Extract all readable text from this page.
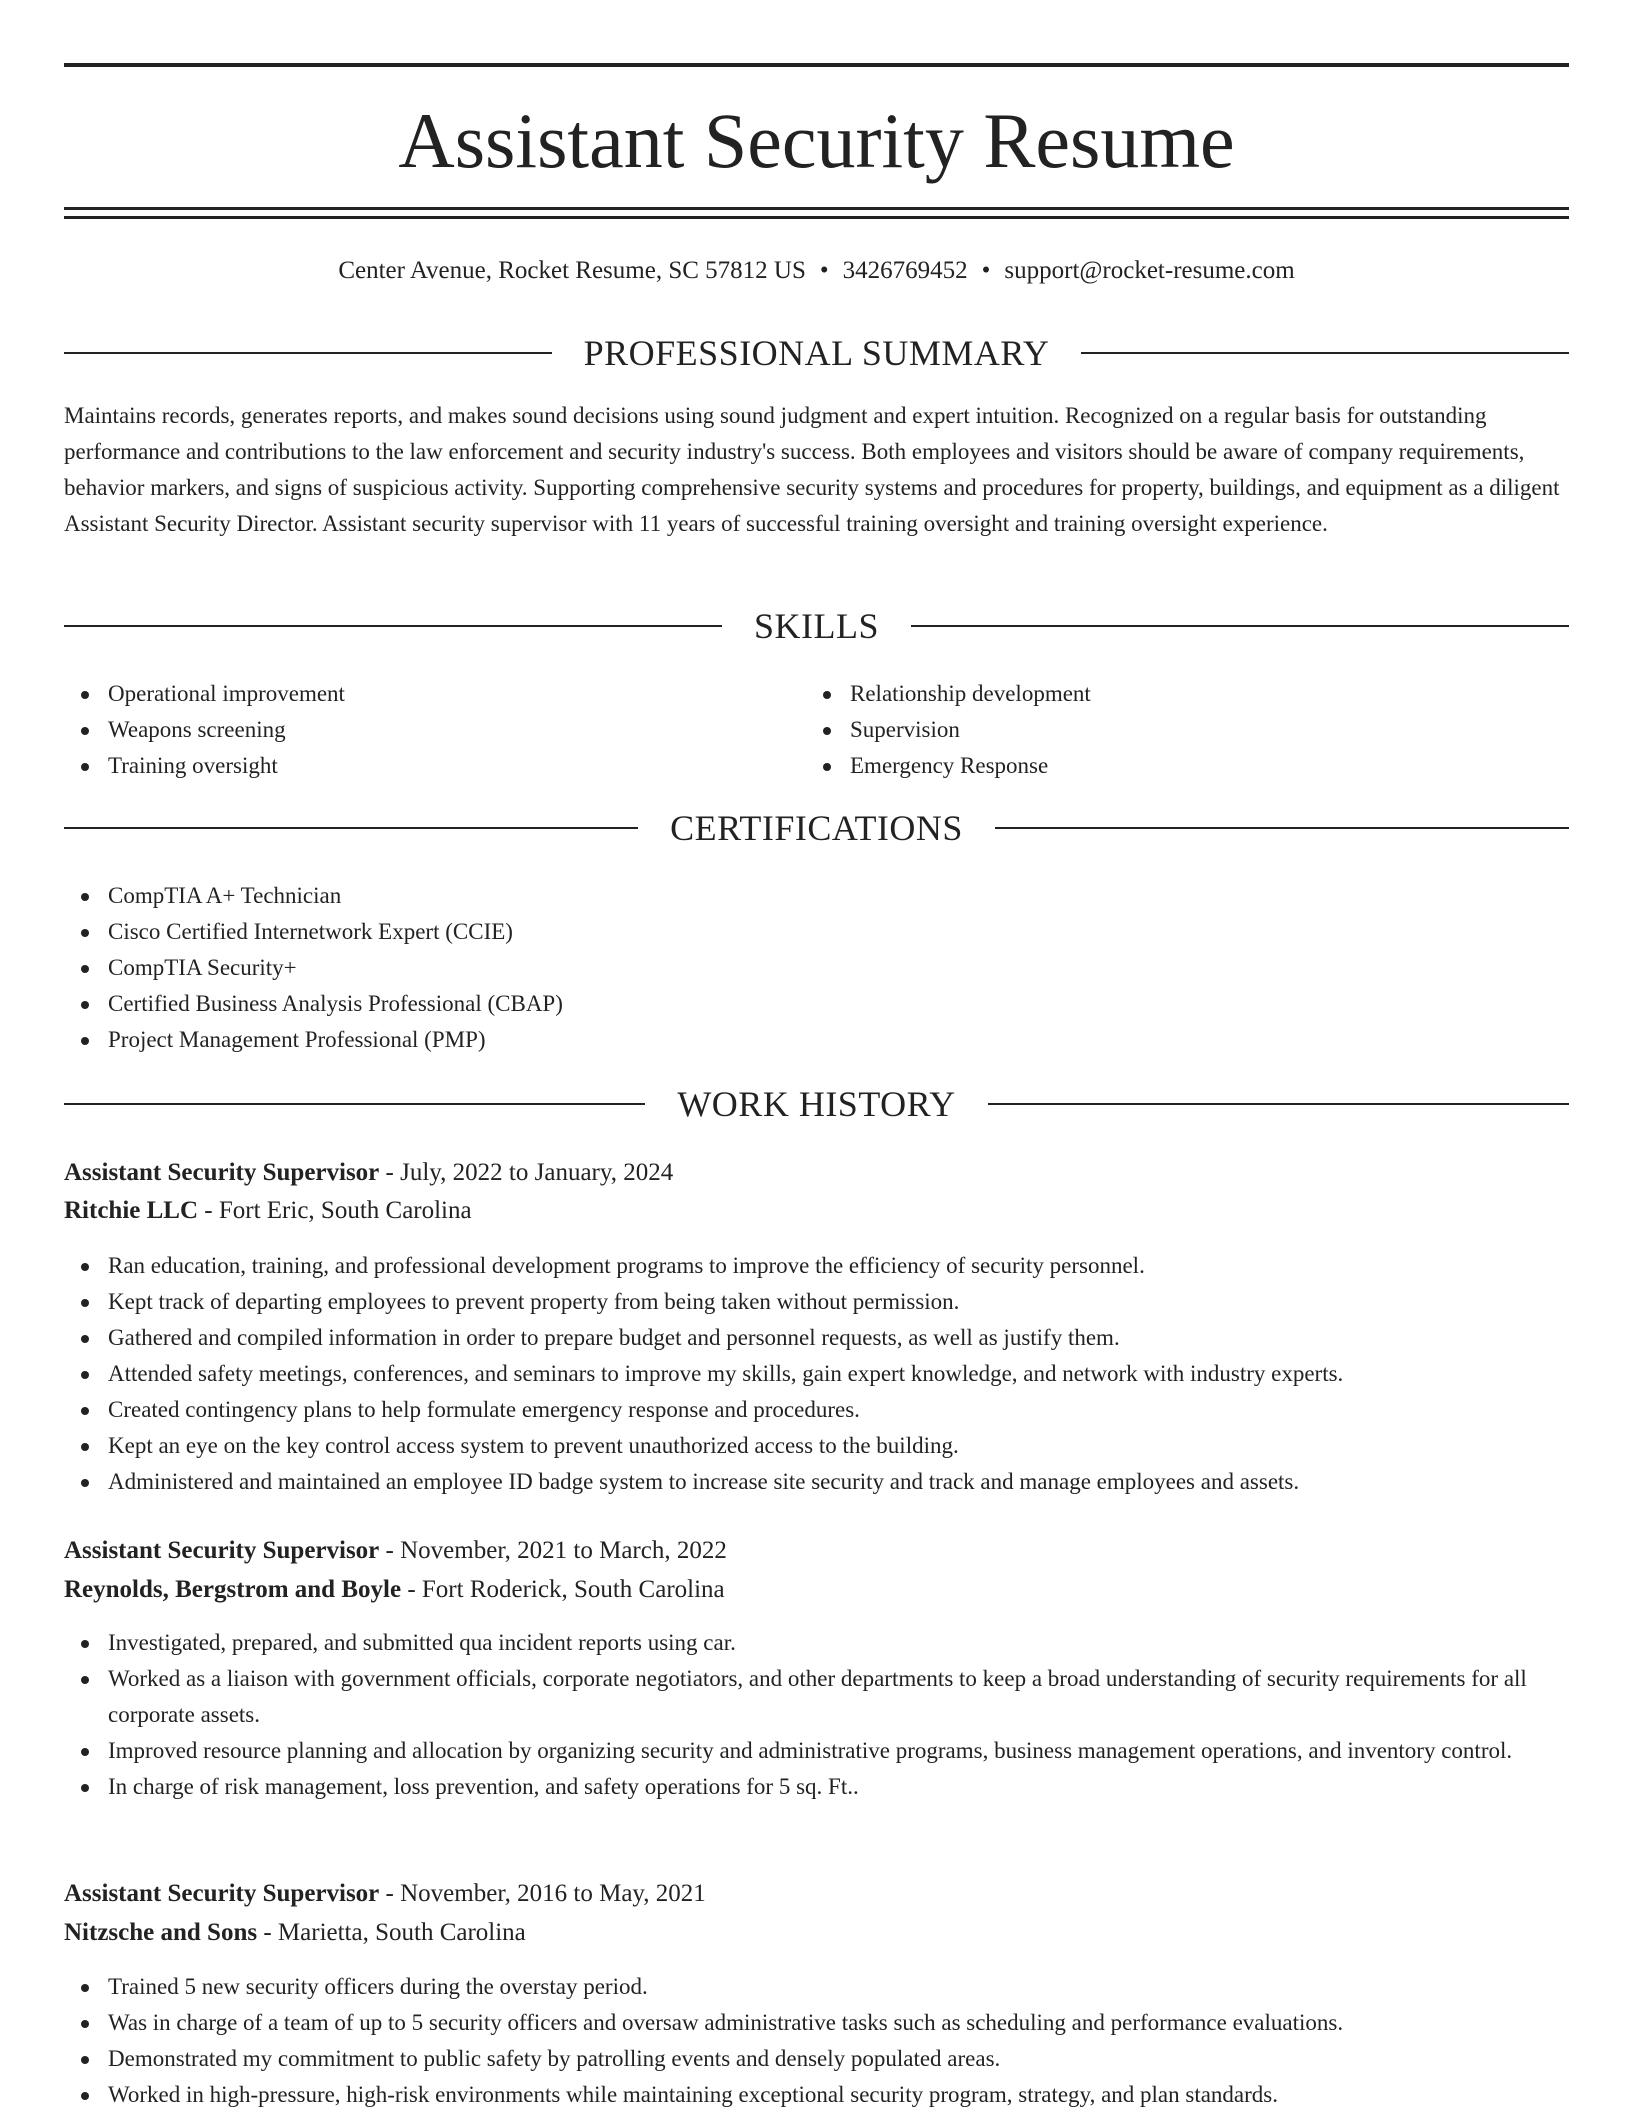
Assistant Security Resume
Center Avenue, Rocket Resume, SC 57812 US • 3426769452 • support@rocket-resume.com
PROFESSIONAL SUMMARY

Maintains records, generates reports, and makes sound decisions using sound judgment and expert intuition. Recognized on a regular basis for outstanding performance and contributions to the law enforcement and security industry's success. Both employees and visitors should be aware of company requirements, behavior markers, and signs of suspicious activity. Supporting comprehensive security systems and procedures for property, buildings, and equipment as a diligent Assistant Security Director. Assistant security supervisor with 11 years of successful training oversight and training oversight experience.

SKILLS
Operational improvement
Weapons screening
Training oversight
Relationship development
Supervision
Emergency Response
CERTIFICATIONS
CompTIA A+ Technician
Cisco Certified Internetwork Expert (CCIE)
CompTIA Security+
Certified Business Analysis Professional (CBAP)
Project Management Professional (PMP)
WORK HISTORY
Assistant Security Supervisor - July, 2022 to January, 2024
Ritchie LLC - Fort Eric, South Carolina
Ran education, training, and professional development programs to improve the efficiency of security personnel.
Kept track of departing employees to prevent property from being taken without permission.
Gathered and compiled information in order to prepare budget and personnel requests, as well as justify them.
Attended safety meetings, conferences, and seminars to improve my skills, gain expert knowledge, and network with industry experts.
Created contingency plans to help formulate emergency response and procedures.
Kept an eye on the key control access system to prevent unauthorized access to the building.
Administered and maintained an employee ID badge system to increase site security and track and manage employees and assets.
Assistant Security Supervisor - November, 2021 to March, 2022
Reynolds, Bergstrom and Boyle - Fort Roderick, South Carolina
Investigated, prepared, and submitted qua incident reports using car.
Worked as a liaison with government officials, corporate negotiators, and other departments to keep a broad understanding of security requirements for all corporate assets.
Improved resource planning and allocation by organizing security and administrative programs, business management operations, and inventory control.
In charge of risk management, loss prevention, and safety operations for 5 sq. Ft..
Assistant Security Supervisor - November, 2016 to May, 2021
Nitzsche and Sons - Marietta, South Carolina
Trained 5 new security officers during the overstay period.
Was in charge of a team of up to 5 security officers and oversaw administrative tasks such as scheduling and performance evaluations.
Demonstrated my commitment to public safety by patrolling events and densely populated areas.
Worked in high-pressure, high-risk environments while maintaining exceptional security program, strategy, and plan standards.
